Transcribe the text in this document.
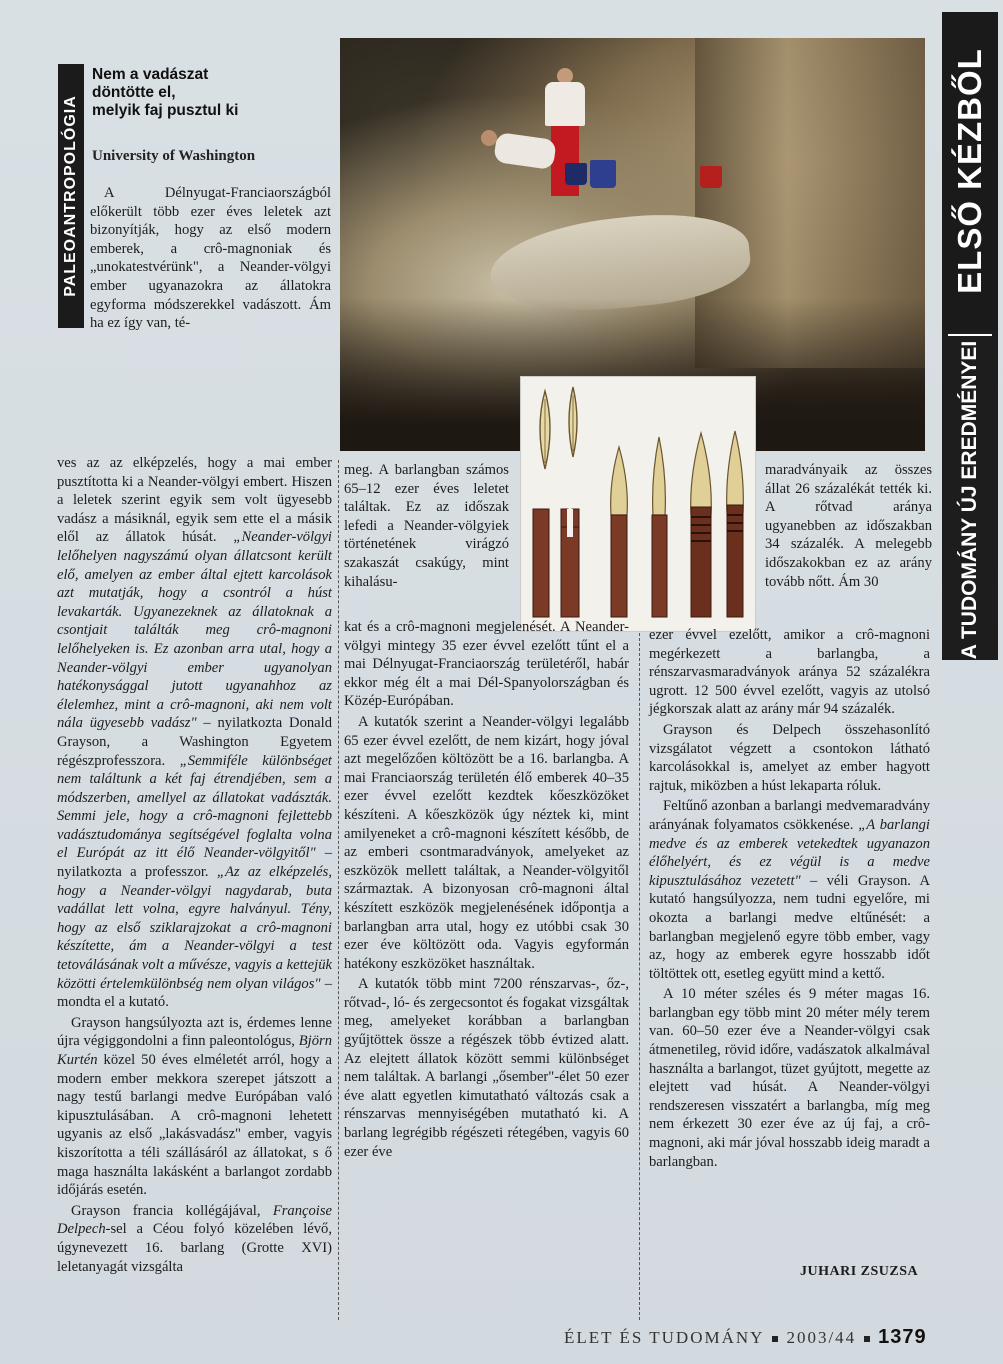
PALEOANTROPOLÓGIA
Nem a vadászat
döntötte el,
melyik faj pusztul ki
University of Washington

A Délnyugat-Franciaországból előkerült több ezer éves leletek azt bizonyítják, hogy az első modern emberek, a crô-magnoniak és „unokatestvérünk", a Neander-völgyi ember ugyanazokra az állatokra egyforma módszerekkel vadászott. Ám ha ez így van, té-

ves az az elképzelés, hogy a mai ember pusztította ki a Neander-völgyi embert. Hiszen a leletek szerint egyik sem volt ügyesebb vadász a másiknál, egyik sem ette el a másik elől az állatok húsát. „Neander-völgyi lelőhelyen nagyszámú olyan állatcsont került elő, amelyen az ember által ejtett karcolások azt mutatják, hogy a csontról a húst levakarták. Ugyanezeknek az állatoknak a csontjait találták meg crô-magnoni lelőhelyeken is. Ez azonban arra utal, hogy a Neander-völgyi ember ugyanolyan hatékonysággal jutott ugyanahhoz az élelemhez, mint a crô-magnoni, aki nem volt nála ügyesebb vadász" – nyilatkozta Donald Grayson, a Washington Egyetem régészprofesszora. „Semmiféle különbséget nem találtunk a két faj étrendjében, sem a módszerben, amellyel az állatokat vadászták. Semmi jele, hogy a crô-magnoni fejlettebb vadásztudománya segítségével foglalta volna el Európát az itt élő Neander-völgyitől" – nyilatkozta a professzor. „Az az elképzelés, hogy a Neander-völgyi nagydarab, buta vadállat lett volna, egyre halványul. Tény, hogy az első sziklarajzokat a crô-magnoni készítette, ám a Neander-völgyi a test tetoválásának volt a művésze, vagyis a kettejük közötti értelemkülönbség nem olyan világos" – mondta el a kutató.

Grayson hangsúlyozta azt is, érdemes lenne újra végiggondolni a finn paleontológus, Björn Kurtén közel 50 éves elméletét arról, hogy a modern ember mekkora szerepet játszott a nagy testű barlangi medve Európában való kipusztulásában. A crô-magnoni lehetett ugyanis az első „lakásvadász" ember, vagyis kiszorította a téli szállásáról az állatokat, s ő maga használta lakásként a barlangot zordabb időjárás esetén.

Grayson francia kollégájával, Françoise Delpech-sel a Céou folyó közelében lévő, úgynevezett 16. barlang (Grotte XVI) leletanyagát vizsgálta

meg. A barlangban számos 65–12 ezer éves leletet találtak. Ez az időszak lefedi a Neander-völgyiek történetének virágzó szakaszát csakúgy, mint kihalásu-

kat és a crô-magnoni megjelenését. A Neander-völgyi mintegy 35 ezer évvel ezelőtt tűnt el a mai Délnyugat-Franciaország területéről, habár ekkor még élt a mai Dél-Spanyolországban és Közép-Európában.

A kutatók szerint a Neander-völgyi legalább 65 ezer évvel ezelőtt, de nem kizárt, hogy jóval azt megelőzően költözött be a 16. barlangba. A mai Franciaország területén élő emberek 40–35 ezer évvel ezelőtt kezdtek kőeszközöket készíteni. A kőeszközök úgy néztek ki, mint amilyeneket a crô-magnoni készített később, de az emberi csontmaradványok, amelyeket az eszközök mellett találtak, a Neander-völgyitől származtak. A bizonyosan crô-magnoni által készített eszközök megjelenésének időpontja a barlangban arra utal, hogy ez utóbbi csak 30 ezer éve költözött oda. Vagyis egyformán hatékony eszközöket használtak.

A kutatók több mint 7200 rénszarvas-, őz-, rőtvad-, ló- és zergecsontot és fogakat vizsgáltak meg, amelyeket korábban a barlangban gyűjtöttek össze a régészek több évtized alatt. Az elejtett állatok között semmi különbséget nem találtak. A barlangi „ősember"-élet 50 ezer éve alatt egyetlen kimutatható változás csak a rénszarvas mennyiségében mutatható ki. A barlang legrégibb régészeti rétegében, vagyis 60 ezer éve

maradványaik az összes állat 26 százalékát tették ki. A rőtvad aránya ugyanebben az időszakban 34 százalék. A melegebb időszakokban ez az arány tovább nőtt. Ám 30

ezer évvel ezelőtt, amikor a crô-magnoni megérkezett a barlangba, a rénszarvasmaradványok aránya 52 százalékra ugrott. 12 500 évvel ezelőtt, vagyis az utolsó jégkorszak alatt az arány már 94 százalék.

Grayson és Delpech összehasonlító vizsgálatot végzett a csontokon látható karcolásokkal is, amelyet az ember hagyott rajtuk, miközben a húst lekaparta róluk.

Feltűnő azonban a barlangi medvemaradvány arányának folyamatos csökkenése. „A barlangi medve és az emberek vetekedtek ugyanazon élőhelyért, és ez végül is a medve kipusztulásához vezetett" – véli Grayson. A kutató hangsúlyozza, nem tudni egyelőre, mi okozta a barlangi medve eltűnését: a barlangban megjelenő egyre több ember, vagy az, hogy az emberek egyre hosszabb időt töltöttek ott, esetleg együtt mind a kettő.

A 10 méter széles és 9 méter magas 16. barlangban egy több mint 20 méter mély terem van. 60–50 ezer éve a Neander-völgyi csak átmenetileg, rövid időre, vadászatok alkalmával használta a barlangot, tüzet gyújtott, megette az elejtett vad húsát. A Neander-völgyi rendszeresen visszatért a barlangba, míg meg nem érkezett 30 ezer éve az új faj, a crô-magnoni, aki már jóval hosszabb ideig maradt a barlangban.

JUHARI ZSUZSA
ELSŐ KÉZBŐL
A TUDOMÁNY ÚJ EREDMÉNYEI
ÉLET ÉS TUDOMÁNY 2003/44 1379
